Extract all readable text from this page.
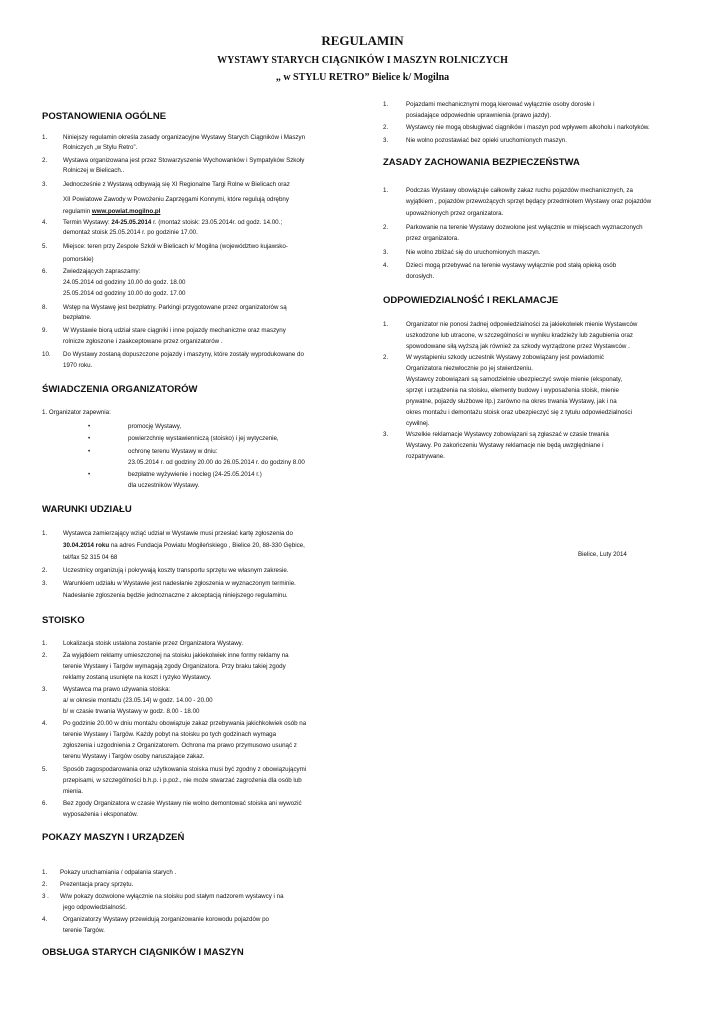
REGULAMIN
WYSTAWY STARYCH CIĄGNIKÓW I MASZYN ROLNICZYCH
„ w STYLU RETRO” Bielice k/ Mogilna
POSTANOWIENIA OGÓLNE
1.	Niniejszy regulamin określa zasady organizacyjne Wystawy Starych Ciągników i Maszyn
Rolniczych „w Stylu Retro”.
2.	Wystawa organizowana jest przez Stowarzyszenie Wychowanków i Sympatyków Szkoły
Rolniczej w Bielicach..
3.	Jednocześnie z Wystawą odbywają się XI Regionalne Targi Rolne w Bielicach oraz
XII Powiatowe Zawody w Powożeniu Zaprzęgami Konnymi, które regulują odrębny
regulamin www.powiat.mogilno.pl
4.	Termin Wystawy: 24-25.05.2014 r. (montaż stoisk: 23.05.2014r. od godz. 14.00.;
demontaż stoisk 25.05.2014 r. po godzinie 17.00.
5.	Miejsce: teren przy Zespole Szkół w Bielicach k/ Mogilna (województwo kujawsko-
pomorskie)
6.	Zwiedzających zapraszamy:
24.05.2014 od godziny 10.00 do godz. 18.00
25.05.2014 od godziny 10.00 do godz. 17.00
8.	Wstęp na Wystawę jest bezpłatny. Parkingi przygotowane przez organizatorów są
bezpłatne.
9.	W Wystawie biorą udział stare ciągniki i inne pojazdy mechaniczne oraz maszyny
rolnicze zgłoszone i zaakceptowane przez organizatorów .
10. Do Wystawy zostaną dopuszczone pojazdy i maszyny, które zostały wyprodukowane do
1970 roku.
ŚWIADCZENIA ORGANIZATORÓW
1. Organizator zapewnia:
•	promocję Wystawy,
•	powierzchnię wystawienniczą (stoisko) i jej wytyczenie,
•	ochronę terenu Wystawy w dniu:
23.05.2014 r. od godziny 20.00 do 26.05.2014 r. do godziny 8.00
•	bezpłatne wyżywienie i nocleg (24-25.05.2014 r.)
dla uczestników Wystawy.
WARUNKI UDZIAŁU
1.	Wystawca zamierzający wziąć udział w Wystawie musi przesłać kartę zgłoszenia do
30.04.2014 roku na adres Fundacja Powiatu Mogileńskiego , Bielice 20, 88-330 Gębice,
tel/fax 52 315 04 68
2.	Uczestnicy organizują i pokrywają koszty transportu sprzętu we własnym zakresie.
3.	Warunkiem udziału w Wystawie jest nadesłanie zgłoszenia w wyznaczonym terminie.
Nadesłanie zgłoszenia będzie jednoznaczne z akceptacją niniejszego regulaminu.
STOISKO
1.	Lokalizacja stoisk ustalona zostanie przez Organizatora Wystawy.
2.	Za wyjątkiem reklamy umieszczonej na stoisku jakiekolwiek inne formy reklamy na
terenie Wystawy i Targów wymagają zgody Organizatora. Przy braku takiej zgody
reklamy zostaną usunięte na koszt i ryzyko Wystawcy.
3.	Wystawca ma prawo używania stoiska:
a/ w okresie montażu (23.05.14) w godz. 14.00 - 20.00
b/ w czasie trwania Wystawy w godz. 8.00 - 18.00
4.	Po godzinie 20.00 w dniu montażu obowiązuje zakaz przebywania jakichkolwiek osób na
terenie Wystawy i Targów. Każdy pobyt na stoisku po tych godzinach wymaga
zgłoszenia i uzgodnienia z Organizatorem. Ochrona ma prawo przymusowo usunąć z
terenu Wystawy i Targów osoby naruszające zakaz.
5.	Sposób zagospodarowania oraz użytkowania stoiska musi być zgodny z obowiązującymi
przepisami, w szczególności b.h.p. i p.poż., nie może stwarzać zagrożenia dla osób lub
mienia.
6.	Bez zgody Organizatora w czasie Wystawy nie wolno demontować stoiska ani wywozić
wyposażenia i eksponatów.
POKAZY MASZYN I URZĄDZEŃ
1. Pokazy uruchamiania / odpalania starych .
2. Prezentacja pracy sprzętu.
3 . W/w pokazy dozwolone wyłącznie na stoisku pod stałym nadzorem wystawcy i na
jego odpowiedzialność.
4.	Organizatorzy Wystawy przewidują zorganizowanie korowodu pojazdów po
terenie Targów.
OBSŁUGA STARYCH CIĄGNIKÓW I MASZYN
1.	Pojazdami mechanicznymi mogą kierować wyłącznie osoby dorosłe i
posiadające odpowiednie uprawnienia (prawo jazdy).
2.	Wystawcy nie mogą obsługiwać ciągników i maszyn pod wpływem alkoholu i narkotyków.
3.	Nie wolno pozostawiać bez opieki uruchomionych maszyn.
ZASADY ZACHOWANIA BEZPIECZEŃSTWA
1.	Podczas Wystawy obowiązuje całkowity zakaz ruchu pojazdów mechanicznych, za
wyjątkiem , pojazdów przewożących sprzęt będący przedmiotem Wystawy oraz pojazdów
upoważnionych przez organizatora.
2.	Parkowanie na terenie Wystawy dozwolone jest wyłącznie w miejscach wyznaczonych
przez organizatora.
3.	Nie wolno zbliżać się do uruchomionych maszyn.
4.	Dzieci mogą przebywać na terenie wystawy wyłącznie pod stałą opieką osób
dorosłych.
ODPOWIEDZIALNOŚĆ I REKLAMACJE
1.	Organizator nie ponosi żadnej odpowiedzialności za jakiekolwiek mienie Wystawców
uszkodzone lub utracone, w szczególności w wyniku kradzieży lub zagubienia oraz
spowodowane siłą wyższą jak również za szkody wyrządzone przez Wystawców .
2.	W wystąpieniu szkody uczestnik Wystawy zobowiązany jest powiadomić
Organizatora niezwłocznie po jej stwierdzeniu.
Wystawcy zobowiązani są samodzielnie ubezpieczyć swoje mienie (eksponaty,
sprzęt i urządzenia na stoisku, elementy budowy i wyposażenia stoisk, mienie
prywatne, pojazdy służbowe itp.) zarówno na okres trwania Wystawy, jak i na
okres montażu i demontażu stoisk oraz ubezpieczyć się z tytułu odpowiedzialności
cywilnej.
3.	Wszelkie reklamacje Wystawcy zobowiązani są zgłaszać w czasie trwania
Wystawy. Po zakończeniu Wystawy reklamacje nie będą uwzględniane i
rozpatrywane.
Bielice, Luty 2014
